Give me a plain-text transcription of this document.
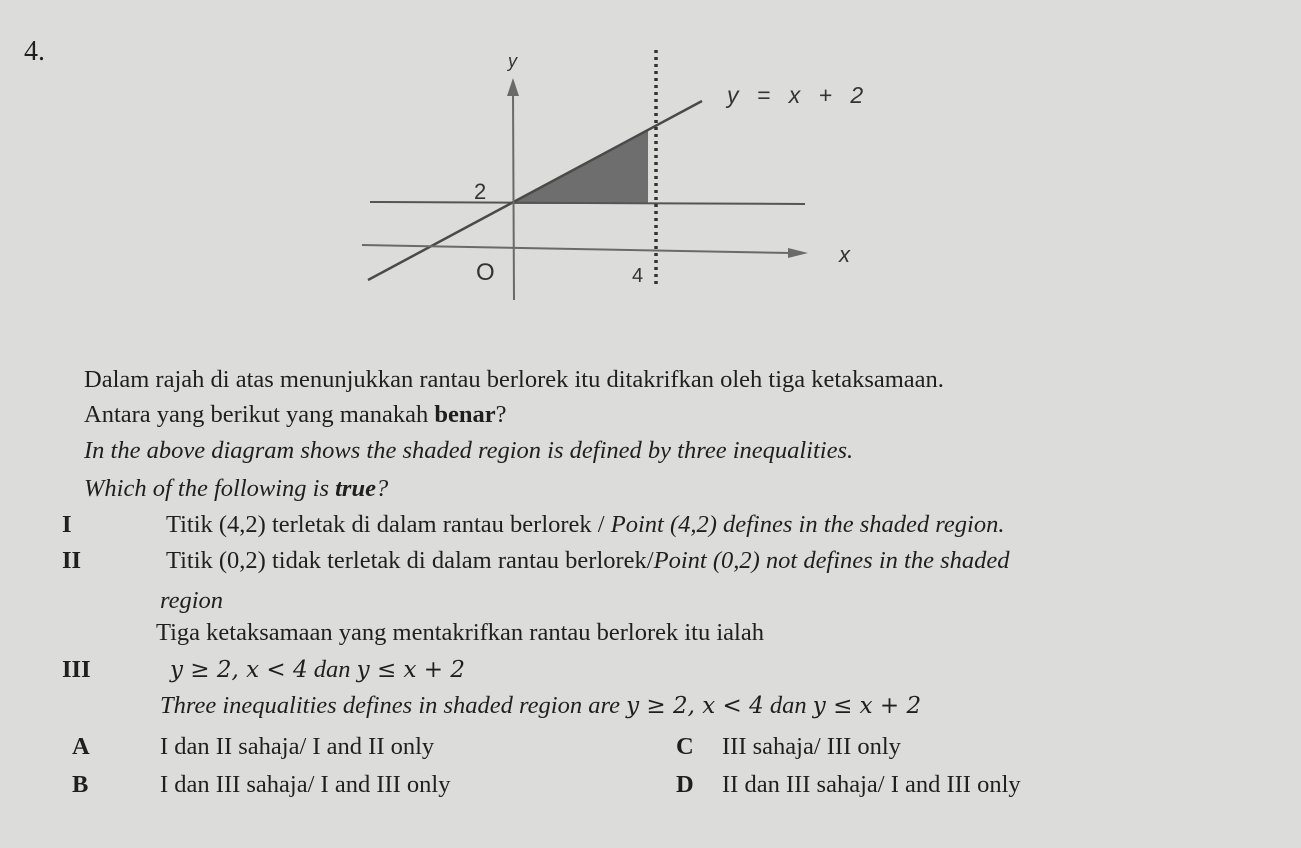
4.	y
x
O
2
4
y = x + 2
Dalam rajah di atas menunjukkan rantau berlorek itu ditakrifkan oleh tiga ketaksamaan.
Antara yang berikut yang manakah benar?
In the above diagram shows the shaded region is defined by three inequalities.
Which of the following is true?
I	Titik (4,2) terletak di dalam rantau berlorek / Point (4,2) defines in the shaded region.
II	Titik (0,2) tidak terletak di dalam rantau berlorek/Point (0,2) not defines in the shaded
region
Tiga ketaksamaan yang mentakrifkan rantau berlorek itu ialah
III	y ≥ 2, x < 4 dan y ≤ x + 2
Three inequalities defines in shaded region are y ≥ 2, x < 4 dan y ≤ x + 2
A	I dan II sahaja/ I and II only
B	I dan III sahaja/ I and III only
C III sahaja/ III only
D II dan III sahaja/ I and III only
